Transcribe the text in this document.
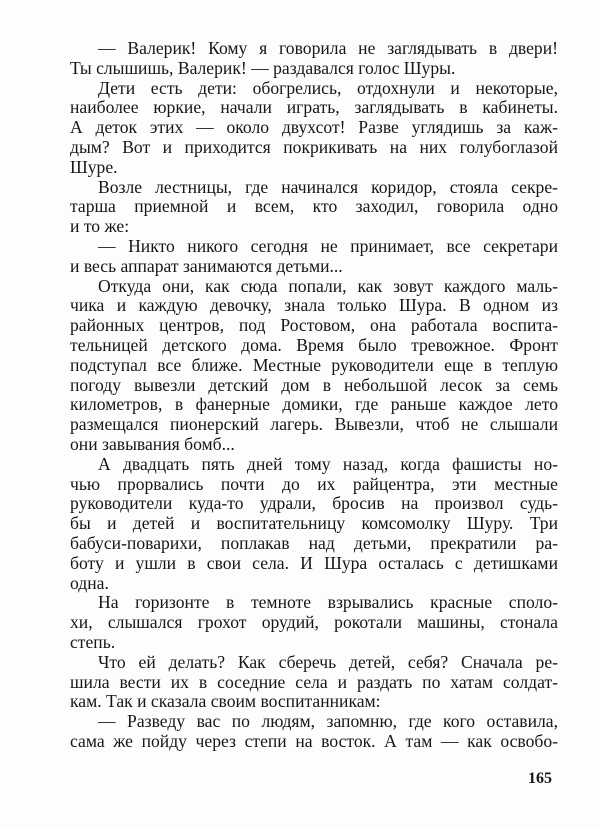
— Валерик! Кому я говорила не заглядывать в двери!
Ты слышишь, Валерик! — раздавался голос Шуры.
Дети есть дети: обогрелись, отдохнули и некоторые,
наиболее юркие, начали играть, заглядывать в кабинеты.
А деток этих — около двухсот! Разве углядишь за каж-
дым? Вот и приходится покрикивать на них голубоглазой
Шуре.
Возле лестницы, где начинался коридор, стояла секре-
тарша приемной и всем, кто заходил, говорила одно
и то же:
— Никто никого сегодня не принимает, все секретари
и весь аппарат занимаются детьми...
Откуда они, как сюда попали, как зовут каждого маль-
чика и каждую девочку, знала только Шура. В одном из
районных центров, под Ростовом, она работала воспита-
тельницей детского дома. Время было тревожное. Фронт
подступал все ближе. Местные руководители еще в теплую
погоду вывезли детский дом в небольшой лесок за семь
километров, в фанерные домики, где раньше каждое лето
размещался пионерский лагерь. Вывезли, чтоб не слышали
они завывания бомб...
А двадцать пять дней тому назад, когда фашисты но-
чью прорвались почти до их райцентра, эти местные
руководители куда-то удрали, бросив на произвол судь-
бы и детей и воспитательницу комсомолку Шуру. Три
бабуси-поварихи, поплакав над детьми, прекратили ра-
боту и ушли в свои села. И Шура осталась с детишками
одна.
На горизонте в темноте взрывались красные споло-
хи, слышался грохот орудий, рокотали машины, стонала
степь.
Что ей делать? Как сберечь детей, себя? Сначала ре-
шила вести их в соседние села и раздать по хатам солдат-
кам. Так и сказала своим воспитанникам:
— Разведу вас по людям, запомню, где кого оставила,
сама же пойду через степи на восток. А там — как освобо-
165
